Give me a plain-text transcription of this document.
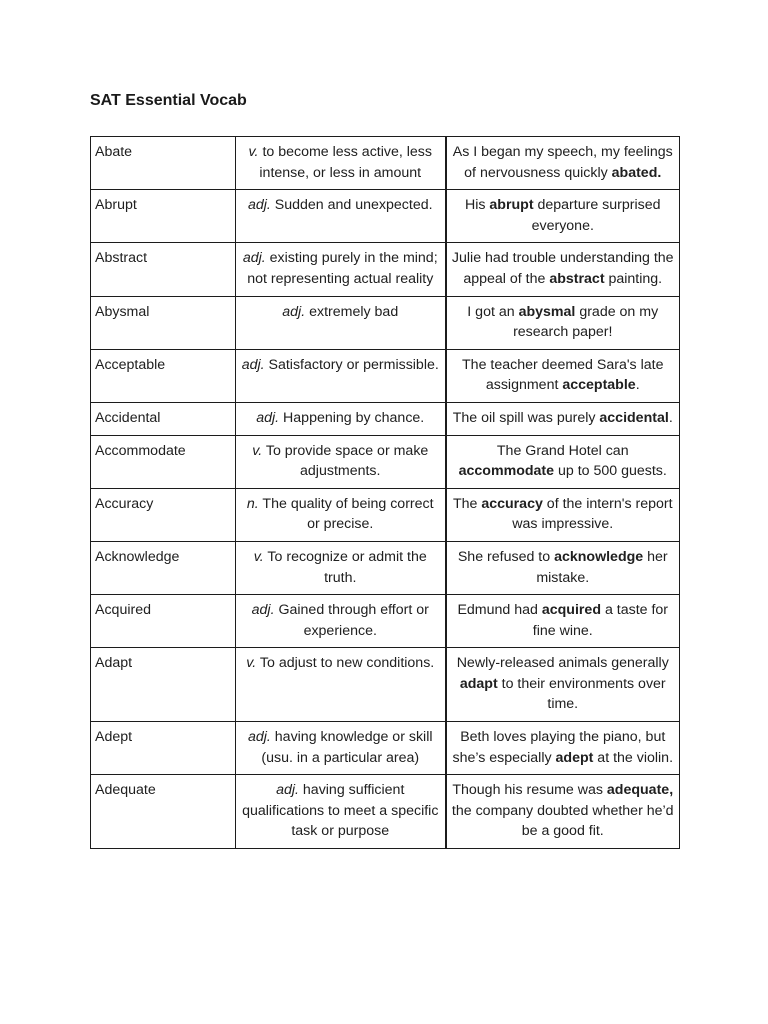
SAT Essential Vocab
Abate	v. to become less active, less intense, or less in amount	As I began my speech, my feelings of nervousness quickly abated.
Abrupt	adj. Sudden and unexpected.	His abrupt departure surprised everyone.
Abstract	adj. existing purely in the mind; not representing actual reality	Julie had trouble understanding the appeal of the abstract painting.
Abysmal	adj. extremely bad	I got an abysmal grade on my research paper!
Acceptable	adj. Satisfactory or permissible.	The teacher deemed Sara's late assignment acceptable.
Accidental	adj. Happening by chance.	The oil spill was purely accidental.
Accommodate	v. To provide space or make adjustments.	The Grand Hotel can accommodate up to 500 guests.
Accuracy	n. The quality of being correct or precise.	The accuracy of the intern's report was impressive.
Acknowledge	v. To recognize or admit the truth.	She refused to acknowledge her mistake.
Acquired	adj. Gained through effort or experience.	Edmund had acquired a taste for fine wine.
Adapt	v. To adjust to new conditions.	Newly-released animals generally adapt to their environments over time.
Adept	adj. having knowledge or skill (usu. in a particular area)	Beth loves playing the piano, but she’s especially adept at the violin.
Adequate	adj. having sufficient qualifications to meet a specific task or purpose	Though his resume was adequate, the company doubted whether he’d be a good fit.
